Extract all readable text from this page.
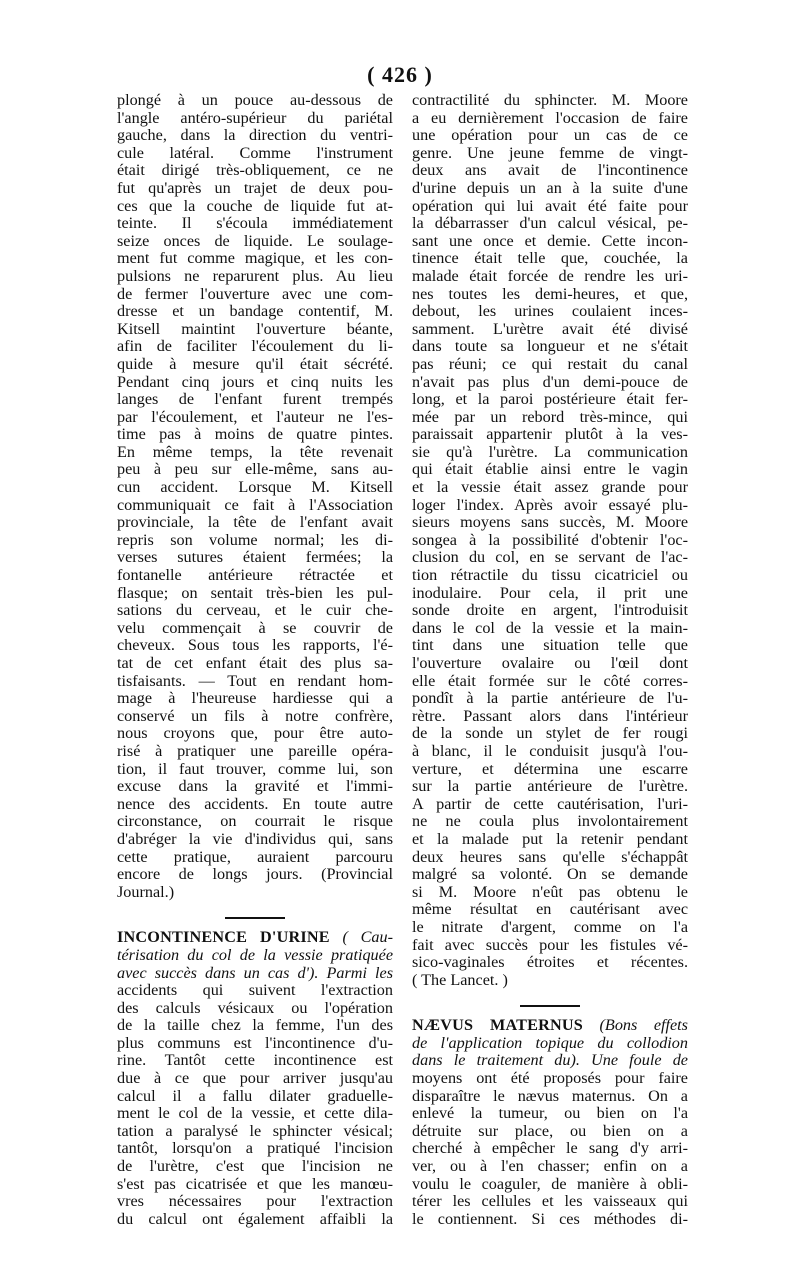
( 426 )
plongé à un pouce au-dessous de
l'angle antéro-supérieur du pariétal
gauche, dans la direction du ventri-
cule latéral. Comme l'instrument
était dirigé très-obliquement, ce ne
fut qu'après un trajet de deux pou-
ces que la couche de liquide fut at-
teinte. Il s'écoula immédiatement
seize onces de liquide. Le soulage-
ment fut comme magique, et les con-
pulsions ne reparurent plus. Au lieu
de fermer l'ouverture avec une com-
dresse et un bandage contentif, M.
Kitsell maintint l'ouverture béante,
afin de faciliter l'écoulement du li-
quide à mesure qu'il était sécrété.
Pendant cinq jours et cinq nuits les
langes de l'enfant furent trempés
par l'écoulement, et l'auteur ne l'es-
time pas à moins de quatre pintes.
En même temps, la tête revenait
peu à peu sur elle-même, sans au-
cun accident. Lorsque M. Kitsell
communiquait ce fait à l'Association
provinciale, la tête de l'enfant avait
repris son volume normal; les di-
verses sutures étaient fermées; la
fontanelle antérieure rétractée et
flasque; on sentait très-bien les pul-
sations du cerveau, et le cuir che-
velu commençait à se couvrir de
cheveux. Sous tous les rapports, l'é-
tat de cet enfant était des plus sa-
tisfaisants. — Tout en rendant hom-
mage à l'heureuse hardiesse qui a
conservé un fils à notre confrère,
nous croyons que, pour être auto-
risé à pratiquer une pareille opéra-
tion, il faut trouver, comme lui, son
excuse dans la gravité et l'immi-
nence des accidents. En toute autre
circonstance, on courrait le risque
d'abréger la vie d'individus qui, sans
cette pratique, auraient parcouru
encore de longs jours. (Provincial
Journal.)
INCONTINENCE D'URINE ( Cau-
térisation du col de la vessie pratiquée
avec succès dans un cas d'). Parmi les
accidents qui suivent l'extraction
des calculs vésicaux ou l'opération
de la taille chez la femme, l'un des
plus communs est l'incontinence d'u-
rine. Tantôt cette incontinence est
due à ce que pour arriver jusqu'au
calcul il a fallu dilater graduelle-
ment le col de la vessie, et cette dila-
tation a paralysé le sphincter vésical;
tantôt, lorsqu'on a pratiqué l'incision
de l'urètre, c'est que l'incision ne
s'est pas cicatrisée et que les manœu-
vres nécessaires pour l'extraction
du calcul ont également affaibli la
contractilité du sphincter. M. Moore
a eu dernièrement l'occasion de faire
une opération pour un cas de ce
genre. Une jeune femme de vingt-
deux ans avait de l'incontinence
d'urine depuis un an à la suite d'une
opération qui lui avait été faite pour
la débarrasser d'un calcul vésical, pe-
sant une once et demie. Cette incon-
tinence était telle que, couchée, la
malade était forcée de rendre les uri-
nes toutes les demi-heures, et que,
debout, les urines coulaient inces-
samment. L'urètre avait été divisé
dans toute sa longueur et ne s'était
pas réuni; ce qui restait du canal
n'avait pas plus d'un demi-pouce de
long, et la paroi postérieure était fer-
mée par un rebord très-mince, qui
paraissait appartenir plutôt à la ves-
sie qu'à l'urètre. La communication
qui était établie ainsi entre le vagin
et la vessie était assez grande pour
loger l'index. Après avoir essayé plu-
sieurs moyens sans succès, M. Moore
songea à la possibilité d'obtenir l'oc-
clusion du col, en se servant de l'ac-
tion rétractile du tissu cicatriciel ou
inodulaire. Pour cela, il prit une
sonde droite en argent, l'introduisit
dans le col de la vessie et la main-
tint dans une situation telle que
l'ouverture ovalaire ou l'œil dont
elle était formée sur le côté corres-
pondît à la partie antérieure de l'u-
rètre. Passant alors dans l'intérieur
de la sonde un stylet de fer rougi
à blanc, il le conduisit jusqu'à l'ou-
verture, et détermina une escarre
sur la partie antérieure de l'urètre.
A partir de cette cautérisation, l'uri-
ne ne coula plus involontairement
et la malade put la retenir pendant
deux heures sans qu'elle s'échappât
malgré sa volonté. On se demande
si M. Moore n'eût pas obtenu le
même résultat en cautérisant avec
le nitrate d'argent, comme on l'a
fait avec succès pour les fistules vé-
sico-vaginales étroites et récentes.
( The Lancet. )
NÆVUS MATERNUS (Bons effets
de l'application topique du collodion
dans le traitement du). Une foule de
moyens ont été proposés pour faire
disparaître le nævus maternus. On a
enlevé la tumeur, ou bien on l'a
détruite sur place, ou bien on a
cherché à empêcher le sang d'y arri-
ver, ou à l'en chasser; enfin on a
voulu le coaguler, de manière à obli-
térer les cellules et les vaisseaux qui
le contiennent. Si ces méthodes di-
